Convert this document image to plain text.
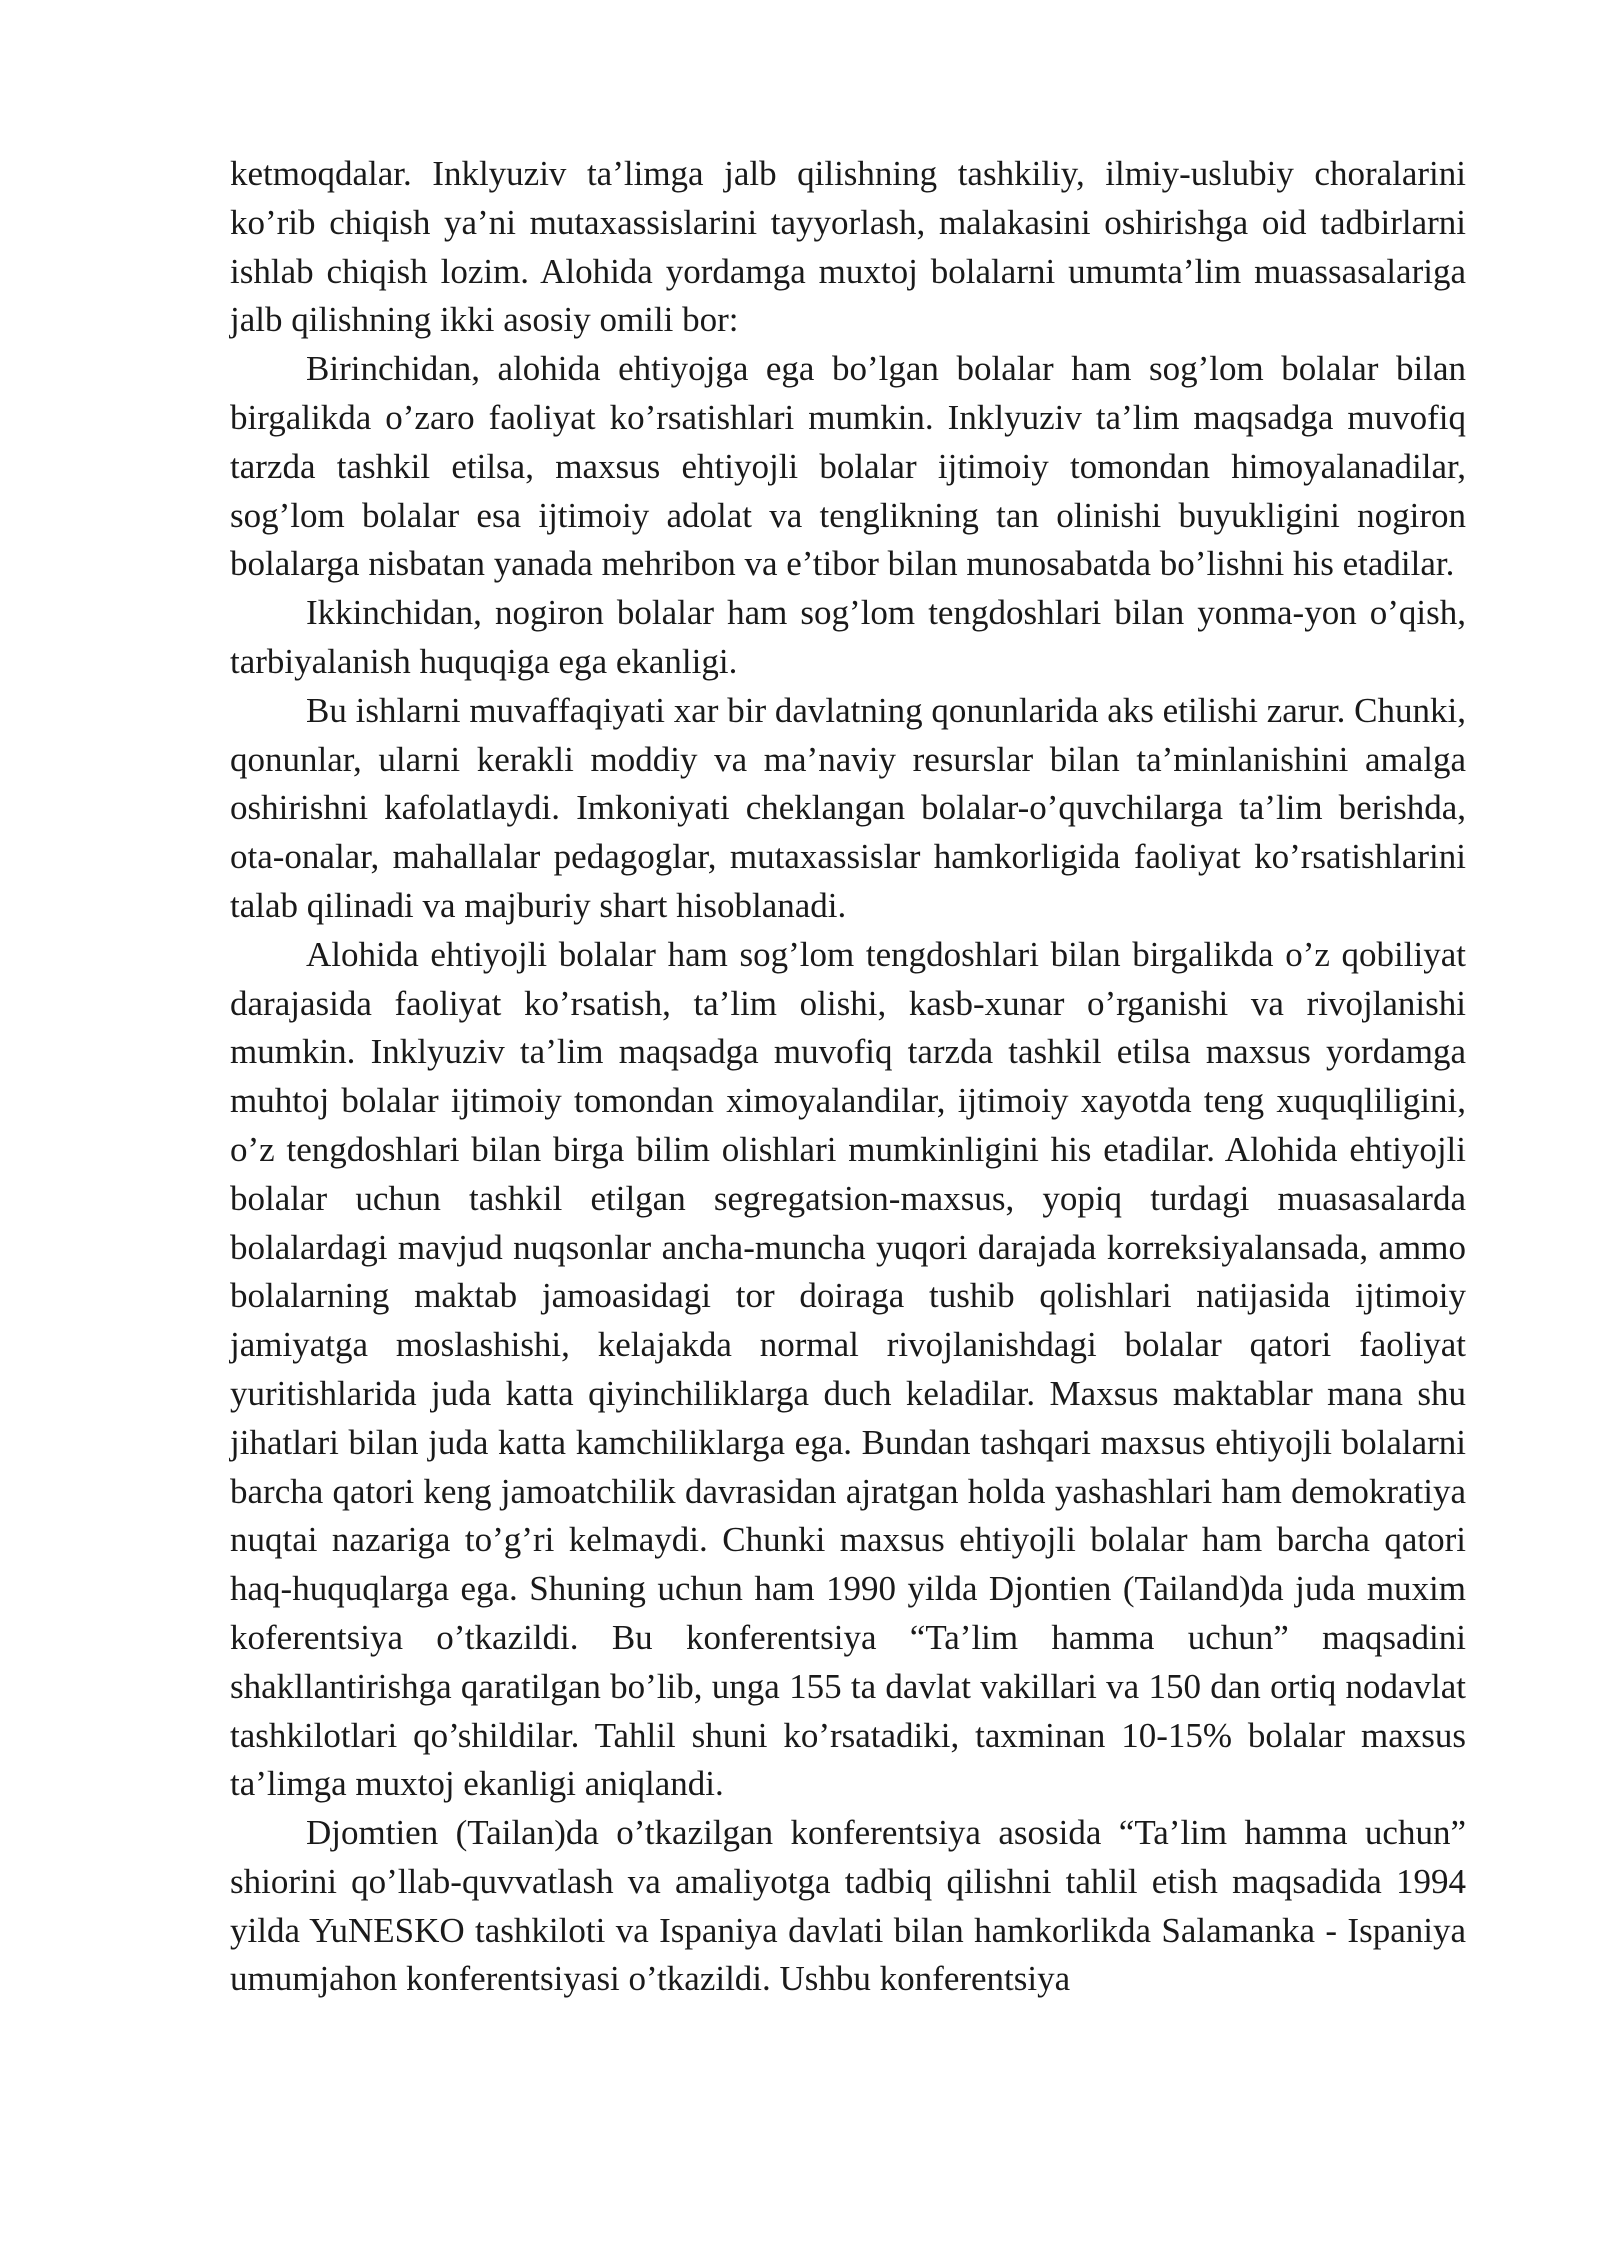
ketmoqdalar. Inklyuziv ta’limga jalb qilishning tashkiliy, ilmiy-uslubiy choralarini ko’rib chiqish ya’ni mutaxassislarini tayyorlash, malakasini oshirishga oid tadbirlarni ishlab chiqish lozim. Alohida yordamga muxtoj bolalarni umumta’lim muassasalariga jalb qilishning ikki asosiy omili bor:

Birinchidan, alohida ehtiyojga ega bo’lgan bolalar ham sog’lom bolalar bilan birgalikda o’zaro faoliyat ko’rsatishlari mumkin. Inklyuziv ta’lim maqsadga muvofiq tarzda tashkil etilsa, maxsus ehtiyojli bolalar ijtimoiy tomondan himoyalanadilar, sog’lom bolalar esa ijtimoiy adolat va tenglikning tan olinishi buyukligini nogiron bolalarga nisbatan yanada mehribon va e’tibor bilan munosabatda bo’lishni his etadilar.

Ikkinchidan, nogiron bolalar ham sog’lom tengdoshlari bilan yonma-yon o’qish, tarbiyalanish huquqiga ega ekanligi.

Bu ishlarni muvaffaqiyati xar bir davlatning qonunlarida aks etilishi zarur. Chunki, qonunlar, ularni kerakli moddiy va ma’naviy resurslar bilan ta’minlanishini amalga oshirishni kafolatlaydi. Imkoniyati cheklangan bolalar-o’quvchilarga ta’lim berishda, ota-onalar, mahallalar pedagoglar, mutaxassislar hamkorligida faoliyat ko’rsatishlarini talab qilinadi va majburiy shart hisoblanadi.

Alohida ehtiyojli bolalar ham sog’lom tengdoshlari bilan birgalikda o’z qobiliyat darajasida faoliyat ko’rsatish, ta’lim olishi, kasb-xunar o’rganishi va rivojlanishi mumkin. Inklyuziv ta’lim maqsadga muvofiq tarzda tashkil etilsa maxsus yordamga muhtoj bolalar ijtimoiy tomondan ximoyalandilar, ijtimoiy xayotda teng xuquqliligini, o’z tengdoshlari bilan birga bilim olishlari mumkinligini his etadilar. Alohida ehtiyojli bolalar uchun tashkil etilgan segregatsion-maxsus, yopiq turdagi muasasalarda bolalardagi mavjud nuqsonlar ancha-muncha yuqori darajada korreksiyalansada, ammo bolalarning maktab jamoasidagi tor doiraga tushib qolishlari natijasida ijtimoiy jamiyatga moslashishi, kelajakda normal rivojlanishdagi bolalar qatori faoliyat yuritishlarida juda katta qiyinchiliklarga duch keladilar. Maxsus maktablar mana shu jihatlari bilan juda katta kamchiliklarga ega. Bundan tashqari maxsus ehtiyojli bolalarni barcha qatori keng jamoatchilik davrasidan ajratgan holda yashashlari ham demokratiya nuqtai nazariga to’g’ri kelmaydi. Chunki maxsus ehtiyojli bolalar ham barcha qatori haq-huquqlarga ega. Shuning uchun ham 1990 yilda Djontien (Tailand)da juda muxim koferentsiya o’tkazildi. Bu konferentsiya “Ta’lim hamma uchun” maqsadini shakllantirishga qaratilgan bo’lib, unga 155 ta davlat vakillari va 150 dan ortiq nodavlat tashkilotlari qo’shildilar. Tahlil shuni ko’rsatadiki, taxminan 10-15% bolalar maxsus ta’limga muxtoj ekanligi aniqlandi.

Djomtien (Tailan)da o’tkazilgan konferentsiya asosida “Ta’lim hamma uchun” shiorini qo’llab-quvvatlash va amaliyotga tadbiq qilishni tahlil etish maqsadida 1994 yilda YuNESKO tashkiloti va Ispaniya davlati bilan hamkorlikda Salamanka - Ispaniya umumjahon konferentsiyasi o’tkazildi. Ushbu konferentsiya
